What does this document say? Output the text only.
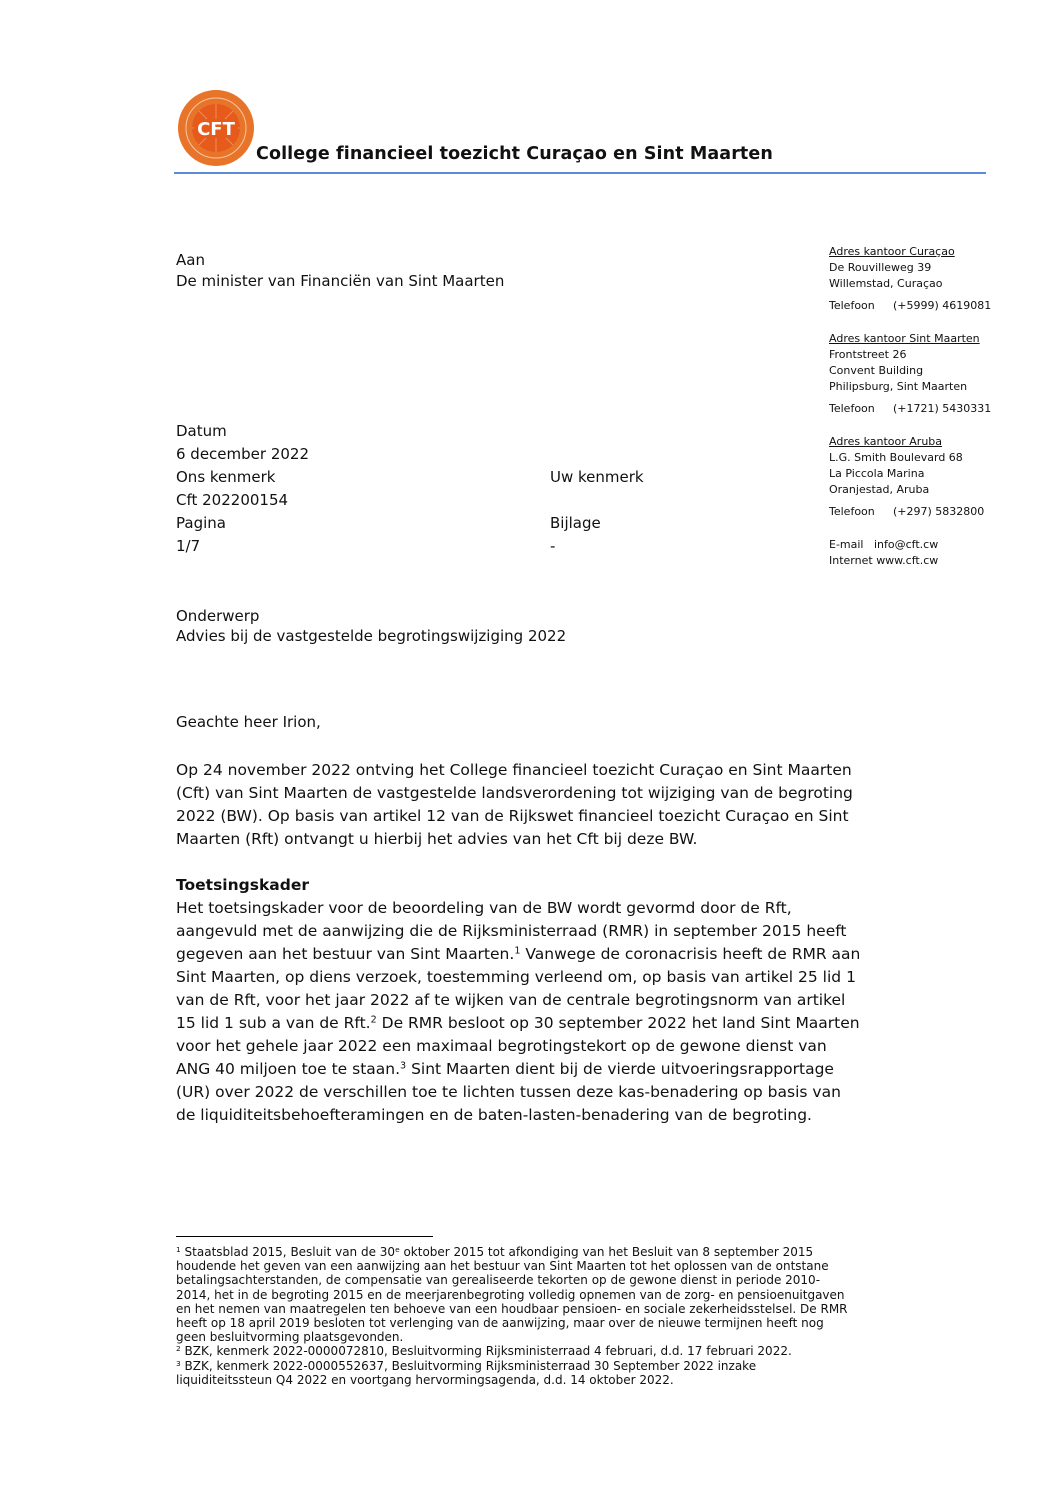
CFT
College financieel toezicht Curaçao en Sint Maarten
Aan
De minister van Financiën van Sint Maarten
Adres kantoor Curaçao
De Rouvilleweg 39
Willemstad, Curaçao
Telefoon (+5999) 4619081
Adres kantoor Sint Maarten
Frontstreet 26
Convent Building
Philipsburg, Sint Maarten
Telefoon (+1721) 5430331
Adres kantoor Aruba
L.G. Smith Boulevard 68
La Piccola Marina
Oranjestad, Aruba
Telefoon (+297) 5832800
E-mail info@cft.cw
Internet www.cft.cw
Datum
6 december 2022
Ons kenmerk
Cft 202200154
Pagina
1/7
Uw kenmerk
Bijlage
-
Onderwerp
Advies bij de vastgestelde begrotingswijziging 2022
Geachte heer Irion,
Op 24 november 2022 ontving het College financieel toezicht Curaçao en Sint Maarten
(Cft) van Sint Maarten de vastgestelde landsverordening tot wijziging van de begroting
2022 (BW). Op basis van artikel 12 van de Rijkswet financieel toezicht Curaçao en Sint
Maarten (Rft) ontvangt u hierbij het advies van het Cft bij deze BW.
Toetsingskader
Het toetsingskader voor de beoordeling van de BW wordt gevormd door de Rft,
aangevuld met de aanwijzing die de Rijksministerraad (RMR) in september 2015 heeft
gegeven aan het bestuur van Sint Maarten.$^1$ Vanwege de coronacrisis heeft de RMR aan
Sint Maarten, op diens verzoek, toestemming verleend om, op basis van artikel 25 lid 1
van de Rft, voor het jaar 2022 af te wijken van de centrale begrotingsnorm van artikel
15 lid 1 sub a van de Rft.$^2$ De RMR besloot op 30 september 2022 het land Sint Maarten
voor het gehele jaar 2022 een maximaal begrotingstekort op de gewone dienst van
ANG 40 miljoen toe te staan.$^3$ Sint Maarten dient bij de vierde uitvoeringsrapportage
(UR) over 2022 de verschillen toe te lichten tussen deze kas-benadering op basis van
de liquiditeitsbehoefteramingen en de baten-lasten-benadering van de begroting.
$^1$ Staatsblad 2015, Besluit van de 30e oktober 2015 tot afkondiging van het Besluit van 8 september 2015
houdende het geven van een aanwijzing aan het bestuur van Sint Maarten tot het oplossen van de ontstane
betalingsachterstanden, de compensatie van gerealiseerde tekorten op de gewone dienst in periode 2010-
2014, het in de begroting 2015 en de meerjarenbegroting volledig opnemen van de zorg- en pensioenuitgaven
en het nemen van maatregelen ten behoeve van een houdbaar pensioen- en sociale zekerheidsstelsel. De RMR
heeft op 18 april 2019 besloten tot verlenging van de aanwijzing, maar over de nieuwe termijnen heeft nog
geen besluitvorming plaatsgevonden.
$^2$ BZK, kenmerk 2022-0000072810, Besluitvorming Rijksministerraad 4 februari, d.d. 17 februari 2022.
$^3$ BZK, kenmerk 2022-0000552637, Besluitvorming Rijksministerraad 30 September 2022 inzake
liquiditeitssteun Q4 2022 en voortgang hervormingsagenda, d.d. 14 oktober 2022.
